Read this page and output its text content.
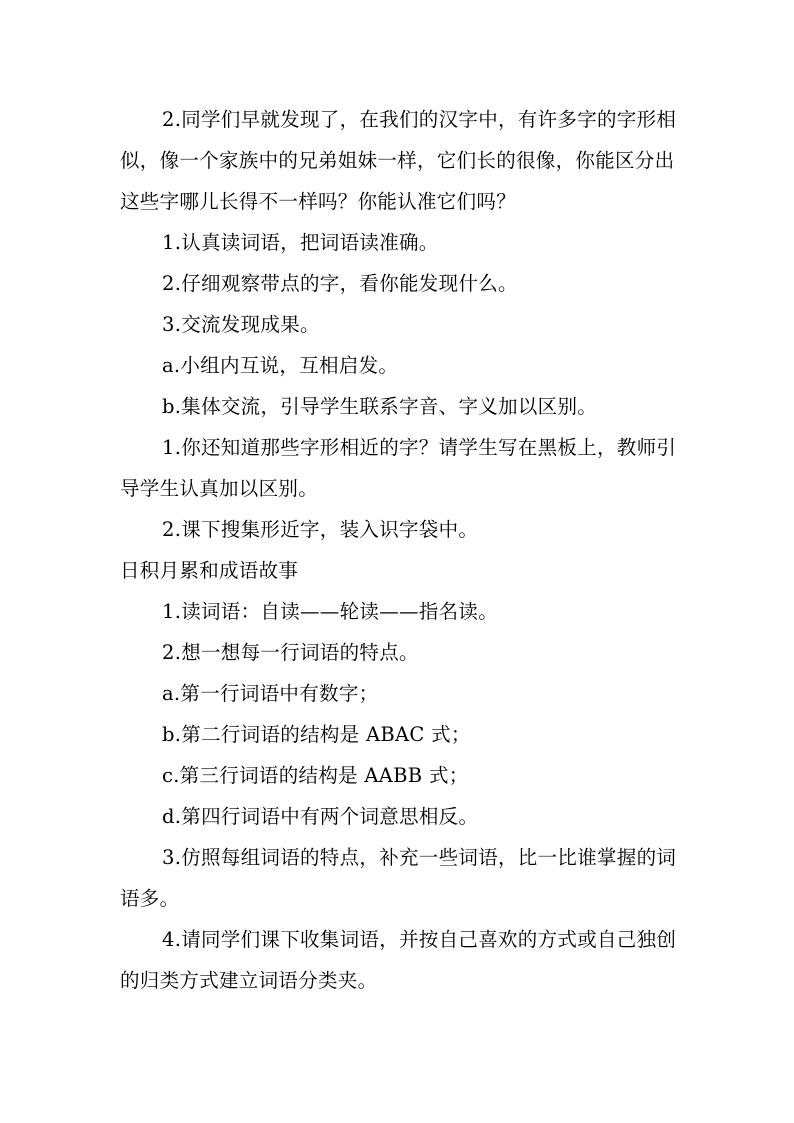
2.同学们早就发现了，在我们的汉字中，有许多字的字形相似，像一个家族中的兄弟姐妹一样，它们长的很像，你能区分出这些字哪儿长得不一样吗？你能认准它们吗？

1.认真读词语，把词语读准确。

2.仔细观察带点的字，看你能发现什么。

3.交流发现成果。

a.小组内互说，互相启发。

b.集体交流，引导学生联系字音、字义加以区别。

1.你还知道那些字形相近的字？请学生写在黑板上，教师引导学生认真加以区别。

2.课下搜集形近字，装入识字袋中。

日积月累和成语故事

1.读词语：自读——轮读——指名读。

2.想一想每一行词语的特点。

a.第一行词语中有数字；

b.第二行词语的结构是 ABAC 式；

c.第三行词语的结构是 AABB 式；

d.第四行词语中有两个词意思相反。

3.仿照每组词语的特点，补充一些词语，比一比谁掌握的词语多。

4.请同学们课下收集词语，并按自己喜欢的方式或自己独创的归类方式建立词语分类夹。
